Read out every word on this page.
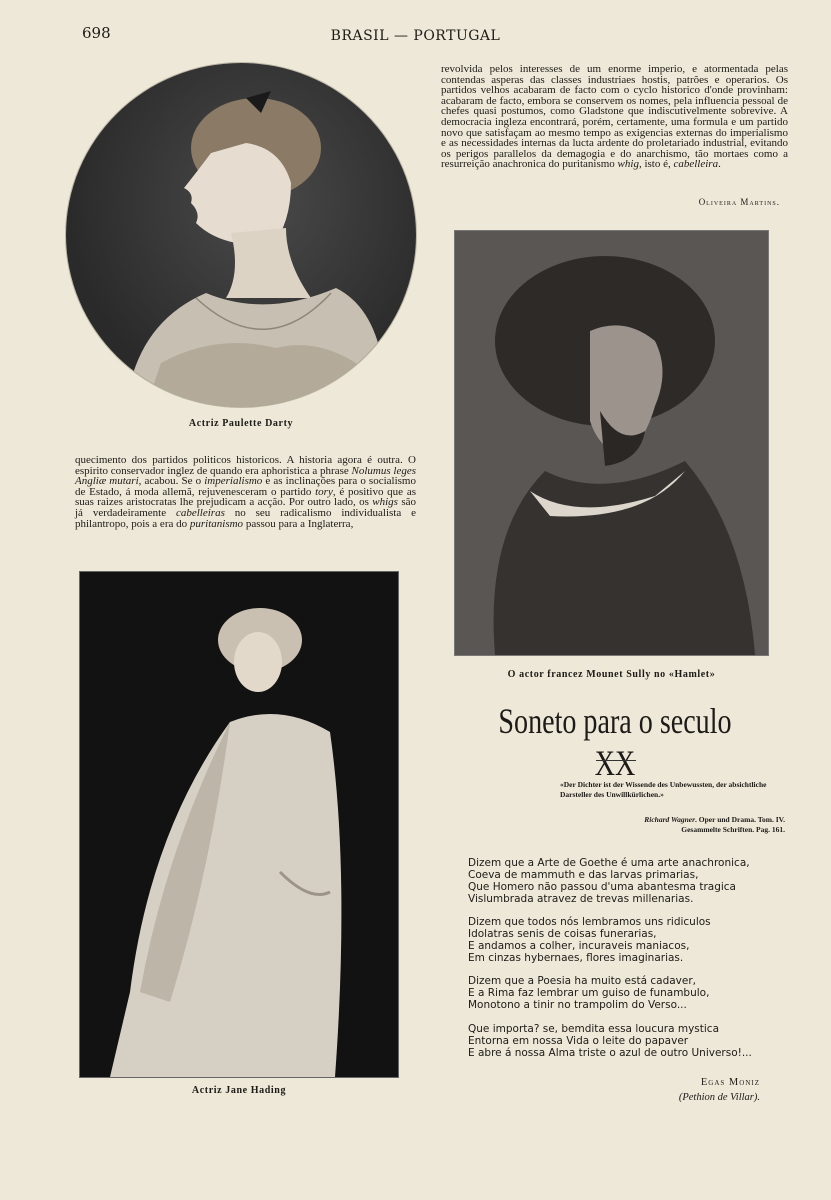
698	BRASIL — PORTUGAL

revolvida pelos interesses de um enorme imperio, e atormentada pelas contendas asperas das classes industriaes hostis, patrões e operarios. Os partidos velhos acabaram de facto com o cyclo historico d'onde provinham: acabaram de facto, embora se conservem os nomes, pela influencia pessoal de chefes quasi postumos, como Gladstone que indiscutivelmente sobrevive. A democracia ingleza encontrará, porém, certamente, uma formula e um partido novo que satisfaçam ao mesmo tempo as exigencias externas do imperialismo e as necessidades internas da lucta ardente do proletariado industrial, evitando os perigos parallelos da demagogia e do anarchismo, tão mortaes como a resurreição anachronica do puritanismo whig, isto é, cabelleira.

Oliveira Martins.
Actriz Paulette Darty

quecimento dos partidos politicos historicos. A historia agora é outra. O espirito conservador inglez de quando era aphoristica a phrase Nolumus leges Angliæ mutari, acabou. Se o imperialismo e as inclinações para o socialismo de Estado, á moda allemã, rejuvenesceram o partido tory, é positivo que as suas raizes aristocratas lhe prejudicam a acção. Por outro lado, os whigs são já verdadeiramente cabelleiras no seu radicalismo individualista e philantropo, pois a era do puritanismo passou para a Inglaterra,

O actor francez Mounet Sully no «Hamlet»
Actriz Jane Hading
Soneto para o seculo XX
«Der Dichter ist der Wissende des Unbewussten, der absichtliche Darsteller des Unwillkürlichen.»
Richard Wagner. Oper und Drama. Tom. IV.
Gesammelte Schriften. Pag. 161.
Dizem que a Arte de Goethe é uma arte anachronica,
Coeva de mammuth e das larvas primarias,
Que Homero não passou d'uma abantesma tragica
Vislumbrada atravez de trevas millenarias.
Dizem que todos nós lembramos uns ridiculos
Idolatras senis de coisas funerarias,
E andamos a colher, incuraveis maniacos,
Em cinzas hybernaes, flores imaginarias.
Dizem que a Poesia ha muito está cadaver,
E a Rima faz lembrar um guiso de funambulo,
Monotono a tinir no trampolim do Verso...
Que importa? se, bemdita essa loucura mystica
Entorna em nossa Vida o leite do papaver
E abre á nossa Alma triste o azul de outro Universo!...
Egas Moniz
(Pethion de Villar).
